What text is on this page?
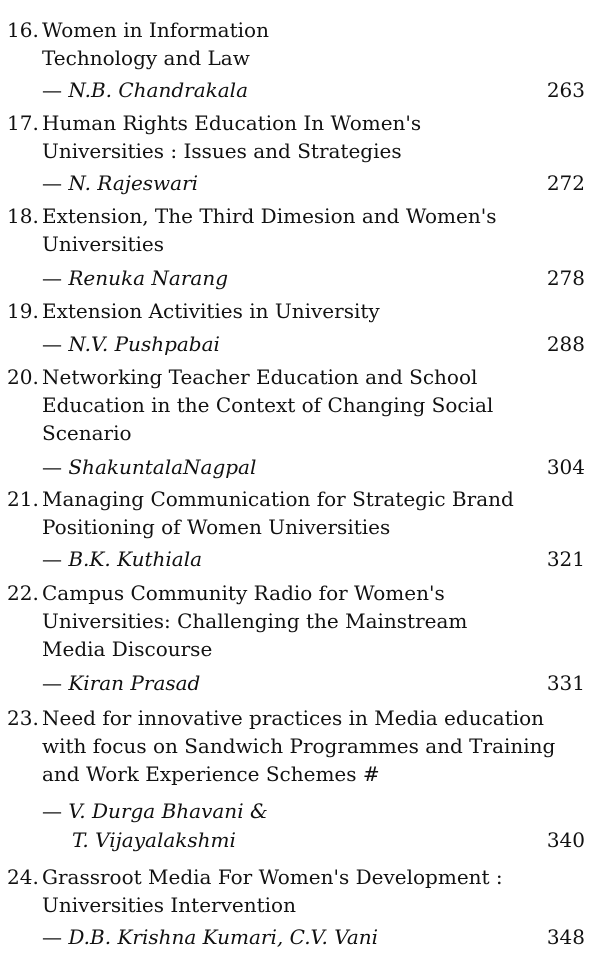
16. Women in Information
Technology and Law
— N.B. Chandrakala	263
17. Human Rights Education In Women's
Universities : Issues and Strategies
— N. Rajeswari	272
18. Extension, The Third Dimesion and Women's
Universities
— Renuka Narang	278
19. Extension Activities in University
— N.V. Pushpabai	288
20. Networking Teacher Education and School
Education in the Context of Changing Social
Scenario
— ShakuntalaNagpal	304
21. Managing Communication for Strategic Brand
Positioning of Women Universities
— B.K. Kuthiala	321
22. Campus Community Radio for Women's
Universities: Challenging the Mainstream
Media Discourse
— Kiran Prasad	331
23. Need for innovative practices in Media education
with focus on Sandwich Programmes and Training
and Work Experience Schemes #
— V. Durga Bhavani &
T. Vijayalakshmi	340
24. Grassroot Media For Women's Development :
Universities Intervention
— D.B. Krishna Kumari, C.V. Vani	348
